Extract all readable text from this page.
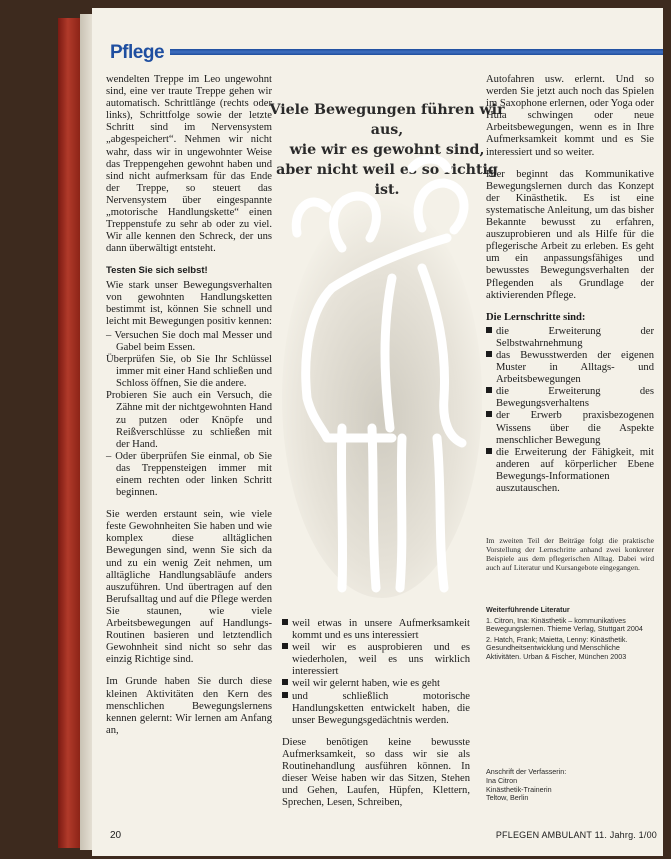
Pflege

wendelten Treppe im Leo ungewohnt sind, eine ver traute Treppe gehen wir automatisch. Schrittlänge (rechts oder links), Schrittfolge sowie der letzte Schritt sind im Nervensystem „abgespeichert“. Nehmen wir nicht wahr, dass wir in ungewohnter Weise das Treppengehen gewohnt haben und sind nicht aufmerksam für das Ende der Treppe, so steuert das Nervensystem über eingespannte „motorische Handlungskette“ einen Treppenstufe zu sehr ab oder zu viel. Wir alle kennen den Schreck, der uns dann überwältigt entsteht.

Testen Sie sich selbst!

Wie stark unser Bewegungsverhalten von gewohnten Handlungsketten bestimmt ist, können Sie schnell und leicht mit Bewegungen positiv kennen:

– Versuchen Sie doch mal Messer und Gabel beim Essen.
Überprüfen Sie, ob Sie Ihr Schlüssel immer mit einer Hand schließen und Schloss öffnen, Sie die andere.
Probieren Sie auch ein Versuch, die Zähne mit der nichtgewohnten Hand zu putzen oder Knöpfe und Reißverschlüsse zu schließen mit der Hand.
– Oder überprüfen Sie einmal, ob Sie das Treppensteigen immer mit einem rechten oder linken Schritt beginnen.

Sie werden erstaunt sein, wie viele feste Gewohnheiten Sie haben und wie komplex diese alltäglichen Bewegungen sind, wenn Sie sich da und zu ein wenig Zeit nehmen, um alltägliche Handlungsabläufe anders auszuführen. Und übertragen auf den Berufsalltag und auf die Pflege werden Sie staunen, wie viele Arbeitsbewegungen auf Handlungs-Routinen basieren und letztendlich Gewohnheit sind nicht so sehr das einzig Richtige sind.

Im Grunde haben Sie durch diese kleinen Aktivitäten den Kern des menschlichen Bewegungslernens kennen gelernt: Wir lernen am Anfang an,

Viele Bewegungen führen wir aus,
wie wir es gewohnt sind,
aber nicht weil es so richtig ist.
weil etwas in unsere Aufmerksamkeit kommt und es uns interessiert
weil wir es ausprobieren und es wiederholen, weil es uns wirklich interessiert
weil wir gelernt haben, wie es geht
und schließlich motorische Handlungsketten entwickelt haben, die unser Bewegungsgedächtnis werden.

Diese benötigen keine bewusste Aufmerksamkeit, so dass wir sie als Routinehandlung ausführen können. In dieser Weise haben wir das Sitzen, Stehen und Gehen, Laufen, Hüpfen, Klettern, Sprechen, Lesen, Schreiben,

Autofahren usw. erlernt. Und so werden Sie jetzt auch noch das Spielen im Saxophone erlernen, oder Yoga oder Hula schwingen oder neue Arbeitsbewegungen, wenn es in Ihre Aufmerksamkeit kommt und es Sie interessiert und so weiter.

Hier beginnt das Kommunikative Bewegungslernen durch das Konzept der Kinästhetik. Es ist eine systematische Anleitung, um das bisher Bekannte bewusst zu erfahren, auszuprobieren und als Hilfe für die pflegerische Arbeit zu erleben. Es geht um ein anpassungsfähiges und bewusstes Bewegungsverhalten der Pflegenden als Grundlage der aktivierenden Pflege.

Die Lernschritte sind:
die Erweiterung der Selbstwahrnehmung
das Bewusstwerden der eigenen Muster in Alltags- und Arbeitsbewegungen
die Erweiterung des Bewegungsverhaltens
der Erwerb praxisbezogenen Wissens über die Aspekte menschlicher Bewegung
die Erweiterung der Fähigkeit, mit anderen auf körperlicher Ebene Bewegungs-Informationen auszutauschen.
Im zweiten Teil der Beiträge folgt die praktische Vorstellung der Lernschritte anhand zwei konkreter Beispiele aus dem pflegerischen Alltag. Dabei wird auch auf Literatur und Kursangebote eingegangen.
Weiterführende Literatur

1. Citron, Ina: Kinästhetik – kommunikatives Bewegungslernen. Thieme Verlag, Stuttgart 2004

2. Hatch, Frank; Maietta, Lenny: Kinästhetik. Gesundheitsentwicklung und Menschliche Aktivitäten. Urban & Fischer, München 2003

Anschrift der Verfasserin:
Ina Citron
Kinästhetik-Trainerin
Teltow, Berlin
20	PFLEGEN AMBULANT 11. Jahrg. 1/00
